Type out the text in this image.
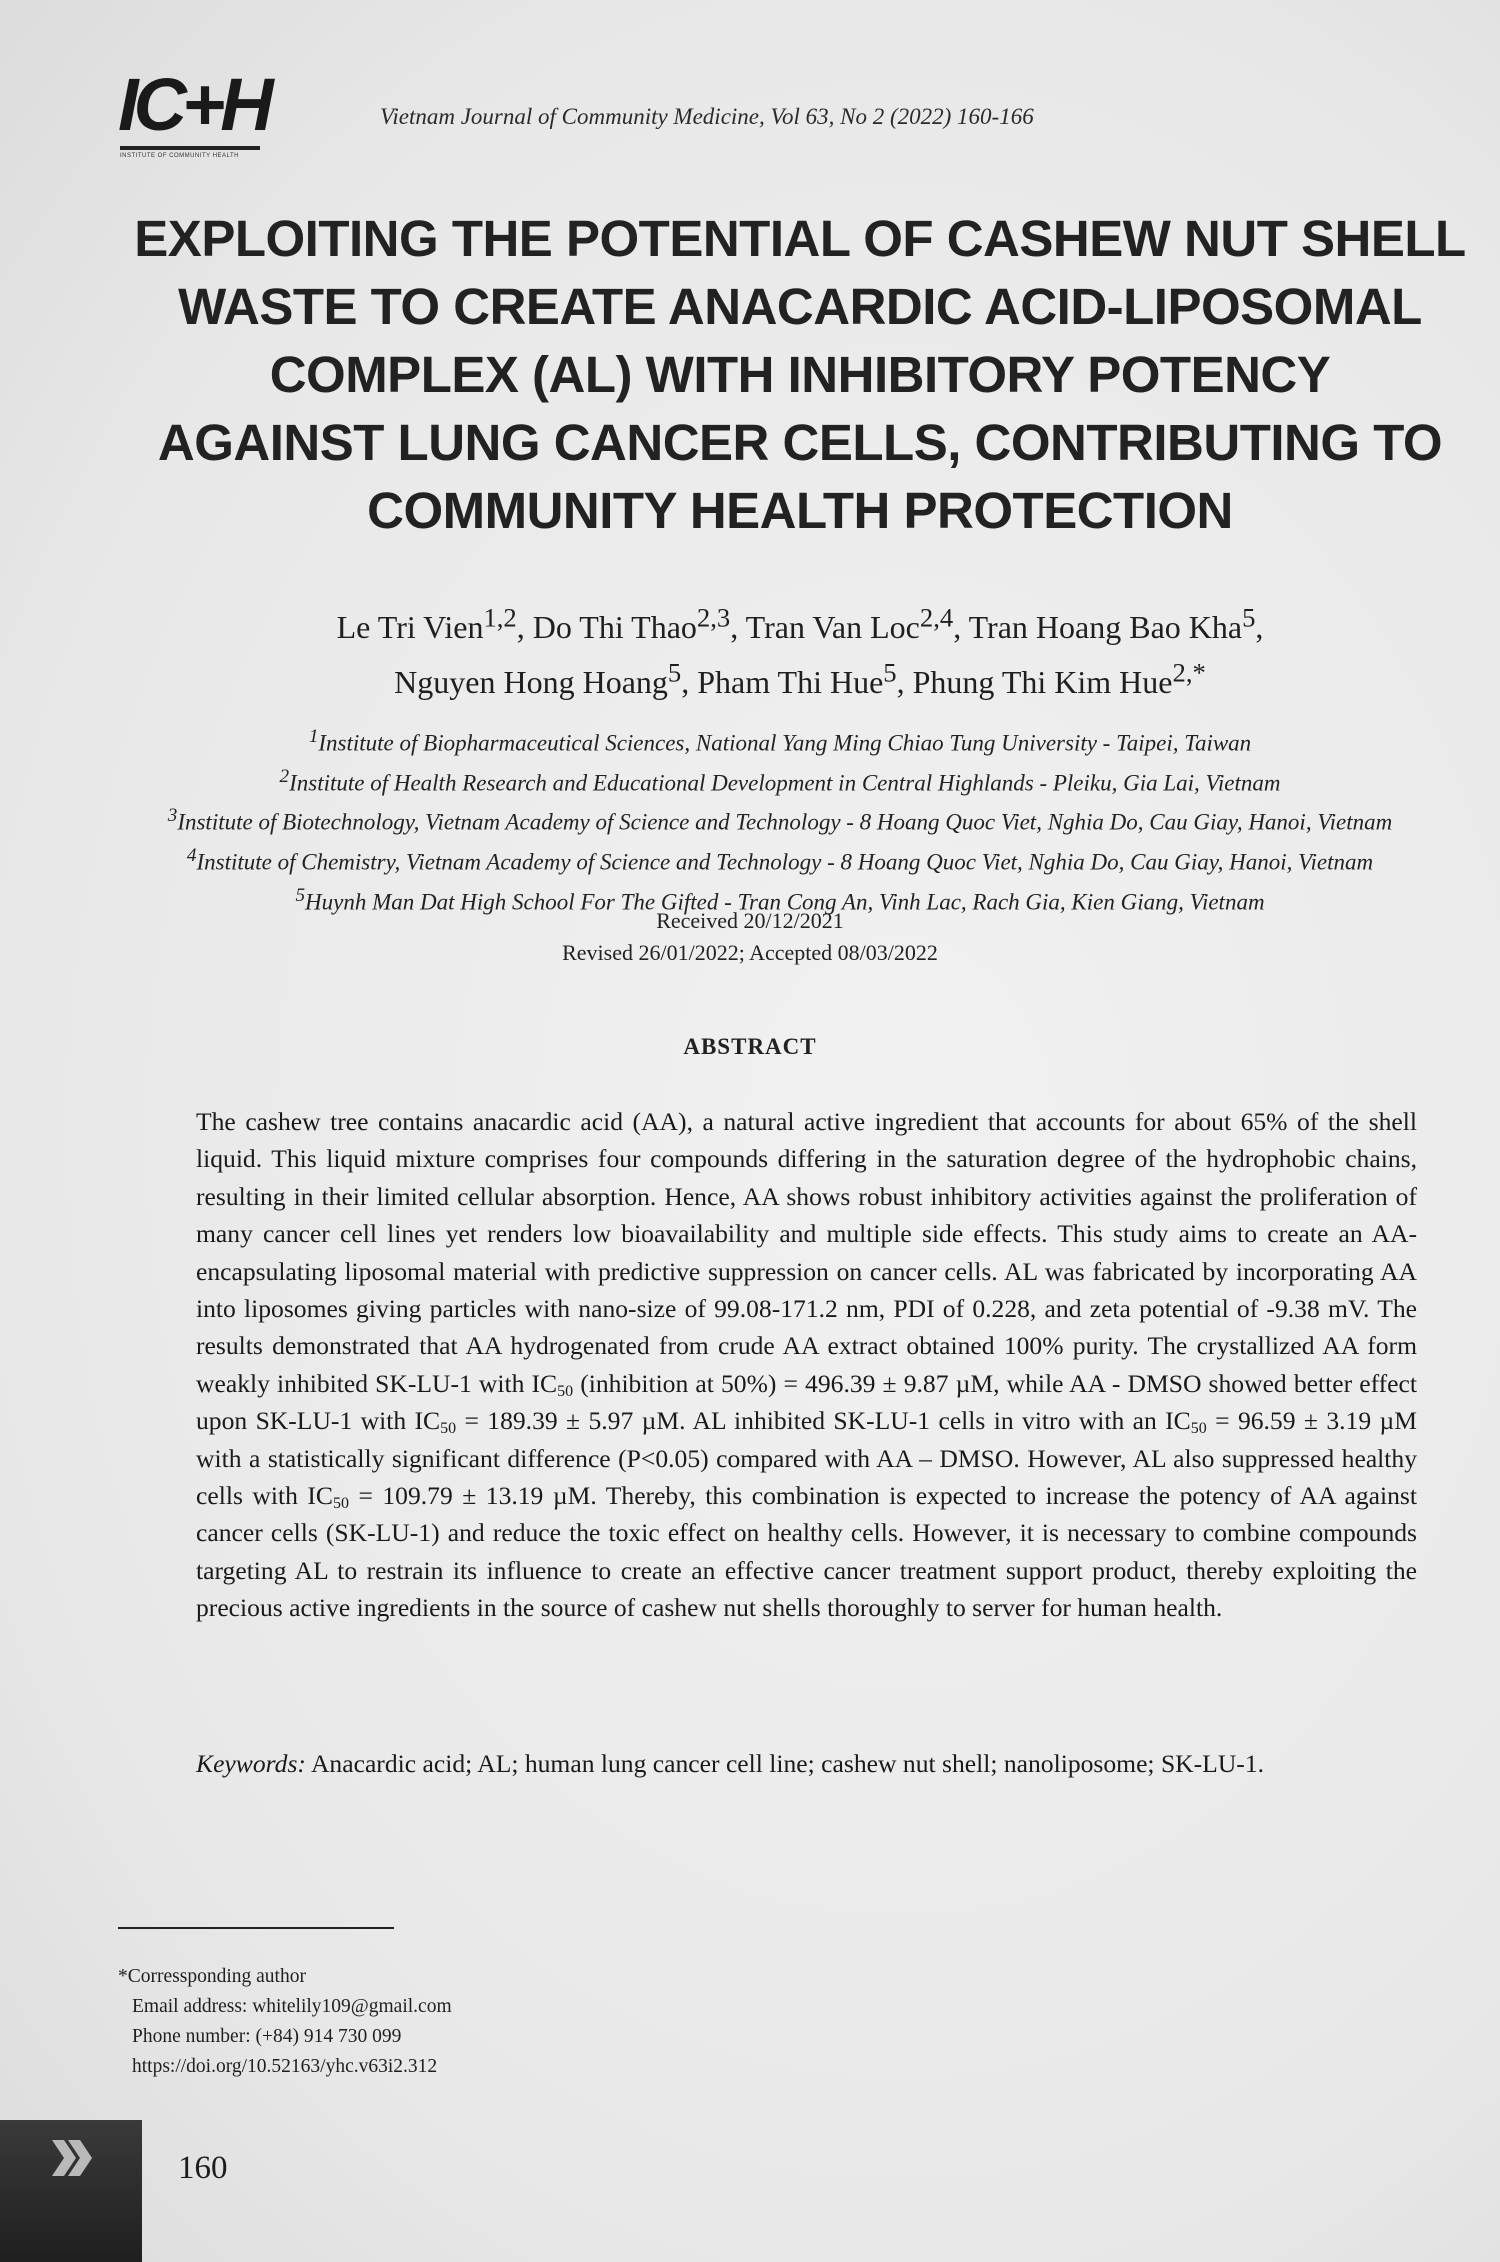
IC+H
INSTITUTE OF COMMUNITY HEALTH
Vietnam Journal of Community Medicine, Vol 63, No 2 (2022) 160-166
EXPLOITING THE POTENTIAL OF CASHEW NUT SHELL
WASTE TO CREATE ANACARDIC ACID-LIPOSOMAL
COMPLEX (AL) WITH INHIBITORY POTENCY
AGAINST LUNG CANCER CELLS, CONTRIBUTING TO
COMMUNITY HEALTH PROTECTION
Le Tri Vien$^{1,2}$, Do Thi Thao$^{2,3}$, Tran Van Loc$^{2,4}$, Tran Hoang Bao Kha$^5$,
Nguyen Hong Hoang$^5$, Pham Thi Hue$^5$, Phung Thi Kim Hue$^{2,*}$
$^1$Institute of Biopharmaceutical Sciences, National Yang Ming Chiao Tung University - Taipei, Taiwan
$^2$Institute of Health Research and Educational Development in Central Highlands - Pleiku, Gia Lai, Vietnam
$^3$Institute of Biotechnology, Vietnam Academy of Science and Technology - 8 Hoang Quoc Viet, Nghia Do, Cau Giay, Hanoi, Vietnam
$^4$Institute of Chemistry, Vietnam Academy of Science and Technology - 8 Hoang Quoc Viet, Nghia Do, Cau Giay, Hanoi, Vietnam
$^5$Huynh Man Dat High School For The Gifted - Tran Cong An, Vinh Lac, Rach Gia, Kien Giang, Vietnam
Received 20/12/2021
Revised 26/01/2022; Accepted 08/03/2022
ABSTRACT

The cashew tree contains anacardic acid (AA), a natural active ingredient that accounts for about 65% of the shell liquid. This liquid mixture comprises four compounds differing in the saturation degree of the hydrophobic chains, resulting in their limited cellular absorption. Hence, AA shows robust inhibitory activities against the proliferation of many cancer cell lines yet renders low bioavailability and multiple side effects. This study aims to create an AA-encapsulating liposomal material with predictive suppression on cancer cells. AL was fabricated by incorporating AA into liposomes giving particles with nano-size of 99.08-171.2 nm, PDI of 0.228, and zeta potential of -9.38 mV. The results demonstrated that AA hydrogenated from crude AA extract obtained 100% purity. The crystallized AA form weakly inhibited SK-LU-1 with $IC_{50}$ (inhibition at 50%) = 496.39 ± 9.87 µM, while AA - DMSO showed better effect upon SK-LU-1 with $IC_{50} = 189.39 \pm 5.97$ µM. AL inhibited SK-LU-1 cells in vitro with an $IC_{50} = 96.59 \pm 3.19$ µM with a statistically significant difference (P<0.05) compared with AA – DMSO. However, AL also suppressed healthy cells with $IC_{50} = 109.79 \pm 13.19$ µM. Thereby, this combination is expected to increase the potency of AA against cancer cells (SK-LU-1) and reduce the toxic effect on healthy cells. However, it is necessary to combine compounds targeting AL to restrain its influence to create an effective cancer treatment support product, thereby exploiting the precious active ingredients in the source of cashew nut shells thoroughly to server for human health.

Keywords: Anacardic acid; AL; human lung cancer cell line; cashew nut shell; nanoliposome; SK-LU-1.
*Corressponding author
Email address: whitelily109@gmail.com
Phone number: (+84) 914 730 099
https://doi.org/10.52163/yhc.v63i2.312
160
